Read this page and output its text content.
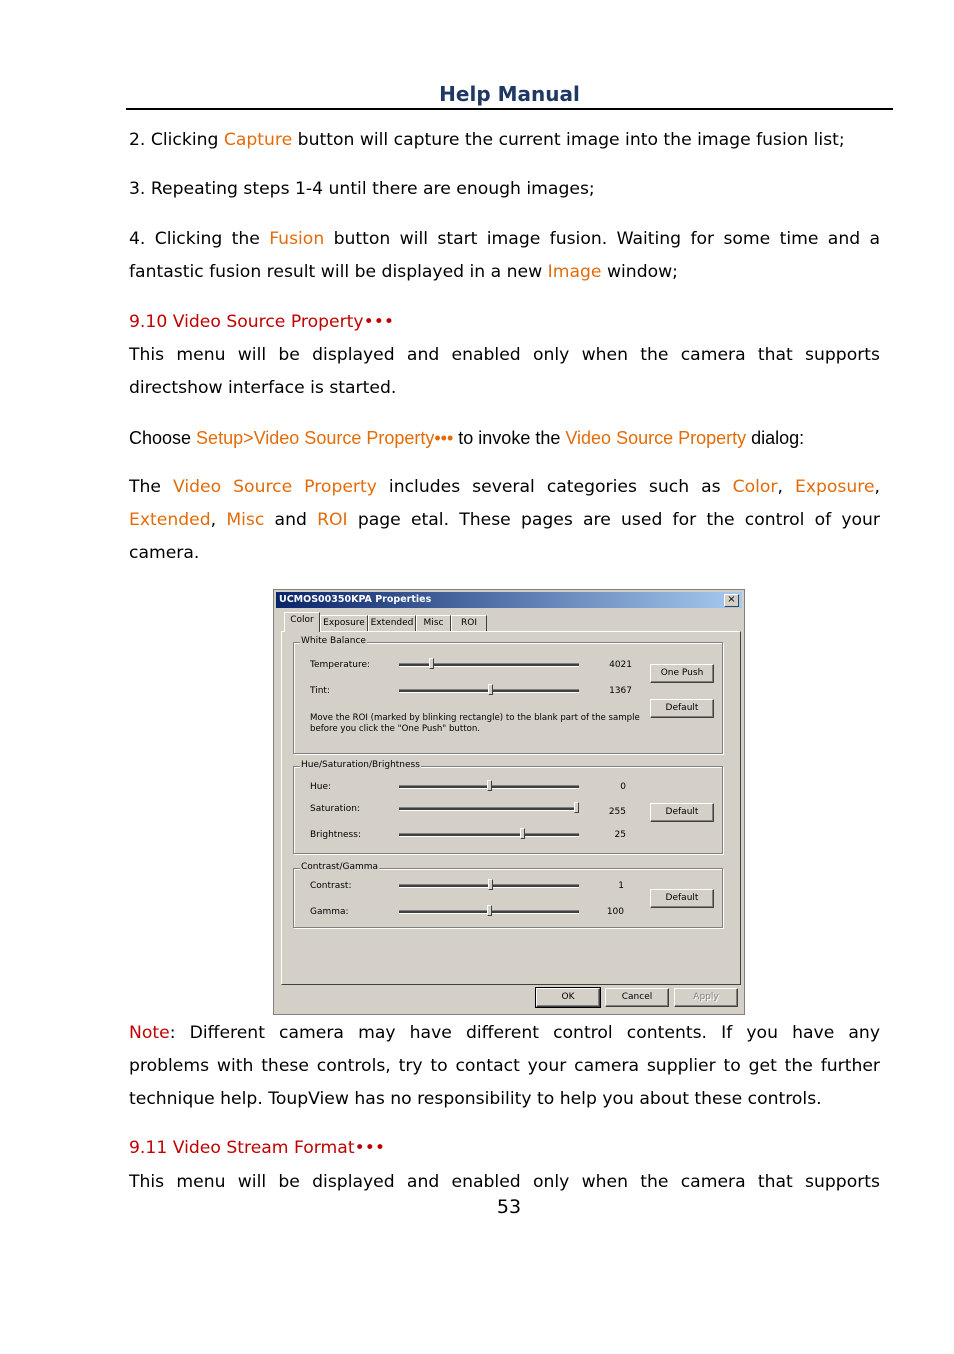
Help Manual
2. Clicking Capture button will capture the current image into the image fusion list;
3. Repeating steps 1-4 until there are enough images;
4. Clicking the Fusion button will start image fusion. Waiting for some time and a
fantastic fusion result will be displayed in a new Image window;
9.10 Video Source Property•••
This menu will be displayed and enabled only when the camera that supports
directshow interface is started.
Choose Setup>Video Source Property••• to invoke the Video Source Property dialog:
The Video Source Property includes several categories such as Color, Exposure,
Extended, Misc and ROI page etal. These pages are used for the control of your
camera.
UCMOS00350KPA Properties	×
Color	Exposure Extended	Misc	ROI
White Balance
Temperature:	4021
One Push
Tint:	1367
Default
Move the ROI (marked by blinking rectangle) to the blank part of the sample
before you click the "One Push" button.
Hue/Saturation/Brightness
Hue:	0
Saturation:	255	Default
Brightness:	25
Contrast/Gamma
Contrast:	1
Default
Gamma:	100
OK	Cancel	Apply
Note: Different camera may have different control contents. If you have any
problems with these controls, try to contact your camera supplier to get the further
technique help. ToupView has no responsibility to help you about these controls.
9.11 Video Stream Format•••
This menu will be displayed and enabled only when the camera that supports
53
